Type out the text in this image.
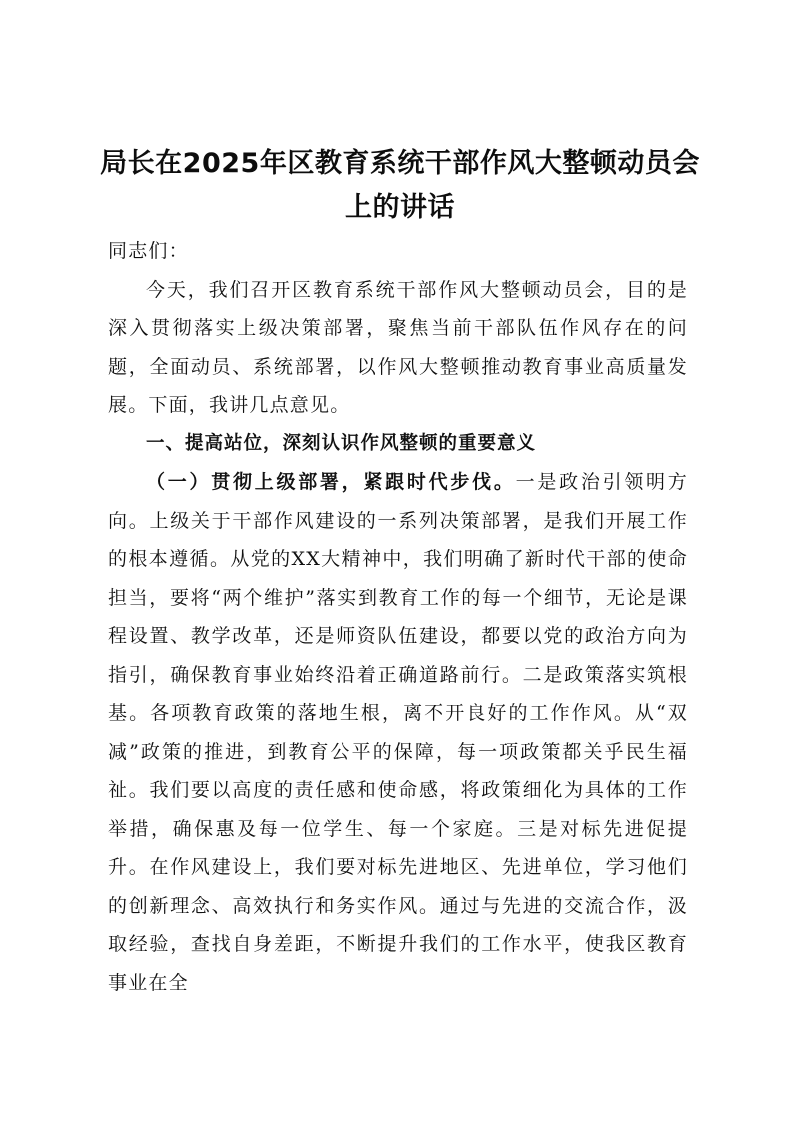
局长在2025年区教育系统干部作风大整顿动员会上的讲话

同志们：

今天，我们召开区教育系统干部作风大整顿动员会，目的是深入贯彻落实上级决策部署，聚焦当前干部队伍作风存在的问题，全面动员、系统部署，以作风大整顿推动教育事业高质量发展。下面，我讲几点意见。

一、提高站位，深刻认识作风整顿的重要意义

（一）贯彻上级部署，紧跟时代步伐。一是政治引领明方向。上级关于干部作风建设的一系列决策部署，是我们开展工作的根本遵循。从党的XX大精神中，我们明确了新时代干部的使命担当，要将“两个维护”落实到教育工作的每一个细节，无论是课程设置、教学改革，还是师资队伍建设，都要以党的政治方向为指引，确保教育事业始终沿着正确道路前行。二是政策落实筑根基。各项教育政策的落地生根，离不开良好的工作作风。从“双减”政策的推进，到教育公平的保障，每一项政策都关乎民生福祉。我们要以高度的责任感和使命感，将政策细化为具体的工作举措，确保惠及每一位学生、每一个家庭。三是对标先进促提升。在作风建设上，我们要对标先进地区、先进单位，学习他们的创新理念、高效执行和务实作风。通过与先进的交流合作，汲取经验，查找自身差距，不断提升我们的工作水平，使我区教育事业在全
